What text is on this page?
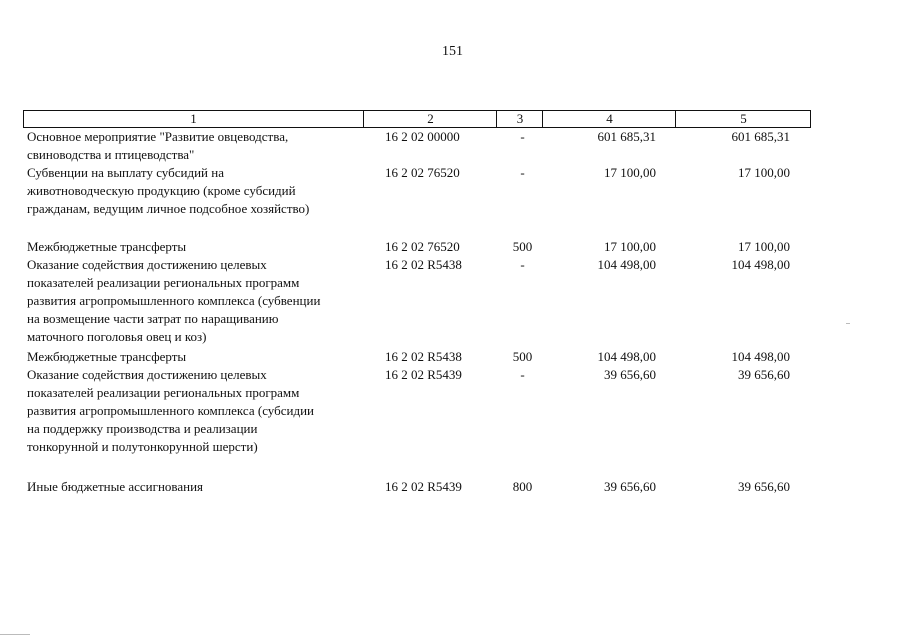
151
1	2	3	4	5
Основное мероприятие "Развитие овцеводства,
свиноводства и птицеводства"
16 2 02 00000	-	601 685,31	601 685,31
Субвенции на выплату субсидий на
животноводческую продукцию (кроме субсидий
гражданам, ведущим личное подсобное хозяйство)
16 2 02 76520	-	17 100,00	17 100,00
Межбюджетные трансферты	16 2 02 76520	500	17 100,00	17 100,00
Оказание содействия достижению целевых
показателей реализации региональных программ
развития агропромышленного комплекса (субвенции
на возмещение части затрат по наращиванию
маточного поголовья овец и коз)
16 2 02 R5438	-	104 498,00	104 498,00
Межбюджетные трансферты	16 2 02 R5438	500	104 498,00	104 498,00
Оказание содействия достижению целевых
показателей реализации региональных программ
развития агропромышленного комплекса (субсидии
на поддержку производства и реализации
тонкорунной и полутонкорунной шерсти)
16 2 02 R5439	-	39 656,60	39 656,60
Иные бюджетные ассигнования	16 2 02 R5439	800	39 656,60	39 656,60
